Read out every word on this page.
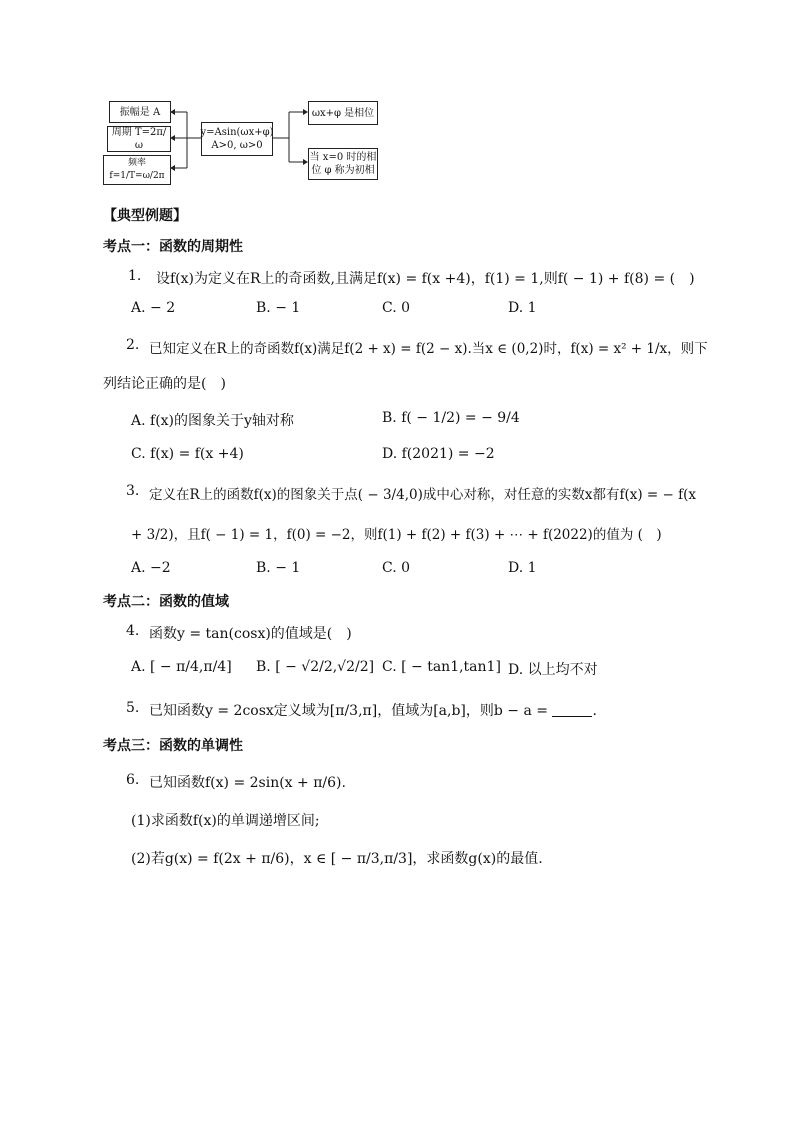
振幅是 A
周期 T=2π/ω
频率 f=1/T=ω/2π
y=Asin(ωx+φ)
A>0, ω>0
ωx+φ 是相位
当 x=0 时的相
位 φ 称为初相
【典型例题】
考点一：函数的周期性
1. 设f(x)为定义在R上的奇函数,且满足f(x) = f(x +4)，f(1) = 1,则f( − 1) + f(8) = (　)
A. − 2	B. − 1	C. 0	D. 1
2. 已知定义在R上的奇函数f(x)满足f(2 + x) = f(2 − x).当x ∈ (0,2)时，f(x) = x² + 1/x，则下
列结论正确的是(　)
A. f(x)的图象关于y轴对称	B. f( − 1/2) = − 9/4
C. f(x) = f(x +4)	D. f(2021) = −2
3. 定义在R上的函数f(x)的图象关于点( − 3/4,0)成中心对称，对任意的实数x都有f(x) = − f(x
+ 3/2)，且f( − 1) = 1，f(0) = −2，则f(1) + f(2) + f(3) + ⋯ + f(2022)的值为 (　)
A. −2	B. − 1	C. 0	D. 1
考点二：函数的值域
4. 函数y = tan(cosx)的值域是(　)
A. [ − π/4,π/4] B. [ − √2/2,√2/2] C. [ − tan1,tan1] D. 以上均不对
5. 已知函数y = 2cosx定义域为[π/3,π]，值域为[a,b]，则b − a =	.
考点三：函数的单调性
6. 已知函数f(x) = 2sin(x + π/6).
(1)求函数f(x)的单调递增区间;
(2)若g(x) = f(2x + π/6)，x ∈ [ − π/3,π/3]，求函数g(x)的最值.
